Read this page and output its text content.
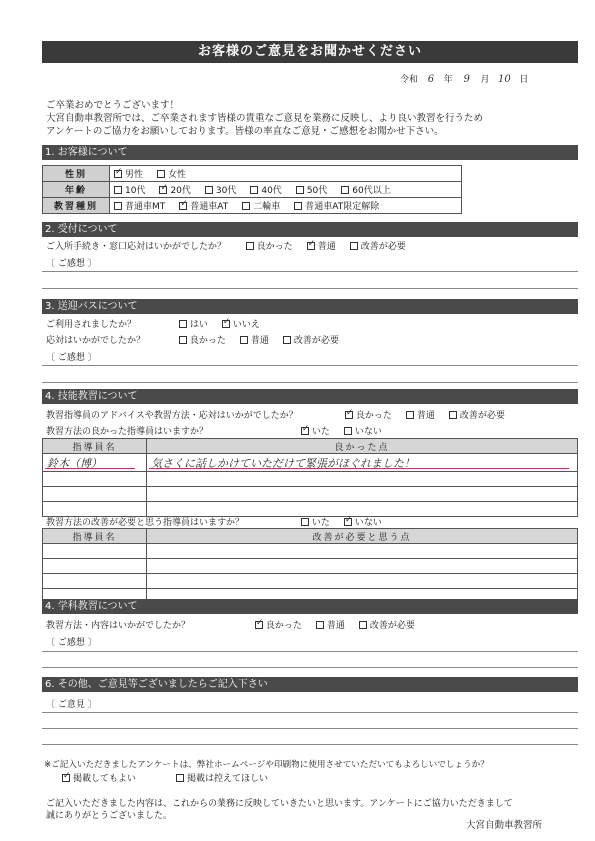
お客様のご意見をお聞かせください
令和 6 年 9 月 10 日
ご卒業おめでとうございます！
大宮自動車教習所では、ご卒業されます皆様の貴重なご意見を業務に反映し、より良い教習を行うため
アンケートのご協力をお願いしております。皆様の率直なご意見・ご感想をお聞かせ下さい。
1. お客様について
性別	✓男性 女性
年齢	10代 ✓ 20代 30代 40代 50代 60代以上
教習種別	普通車MT ✓ 普通車AT 二輪車 普通車AT限定解除
2. 受付について
ご入所手続き・窓口応対はいかがでしたか？	良かった ✓	普通	改善が必要
〔 ご感想 〕
3. 送迎バスについて
ご利用されましたか？	はい ✓	いいえ
応対はいかがでしたか？	良かった	普通	改善が必要
〔 ご感想 〕
4. 技能教習について
教習指導員のアドバイスや教習方法・応対はいかがでしたか？ ✓	良かった	普通	改善が必要
教習方法の良かった指導員はいますか？ ✓	いた	いない
指導員名	良かった点
鈴木（博）	気さくに話しかけていただけて緊張がほぐれました！

教習方法の改善が必要と思う指導員はいますか？	いた ✓	いない
指導員名	改善が必要と思う点

4. 学科教習について
教習方法・内容はいかがでしたか？ ✓	良かった	普通	改善が必要
〔 ご感想 〕
6. その他、ご意見等ございましたらご記入下さい
〔 ご意見 〕
※ご記入いただきましたアンケートは、弊社ホームページや印刷物に使用させていただいてもよろしいでしょうか？
✓掲載してもよい	掲載は控えてほしい
ご記入いただきました内容は、これからの業務に反映していきたいと思います。アンケートにご協力いただきまして
誠にありがとうございました。
大宮自動車教習所
